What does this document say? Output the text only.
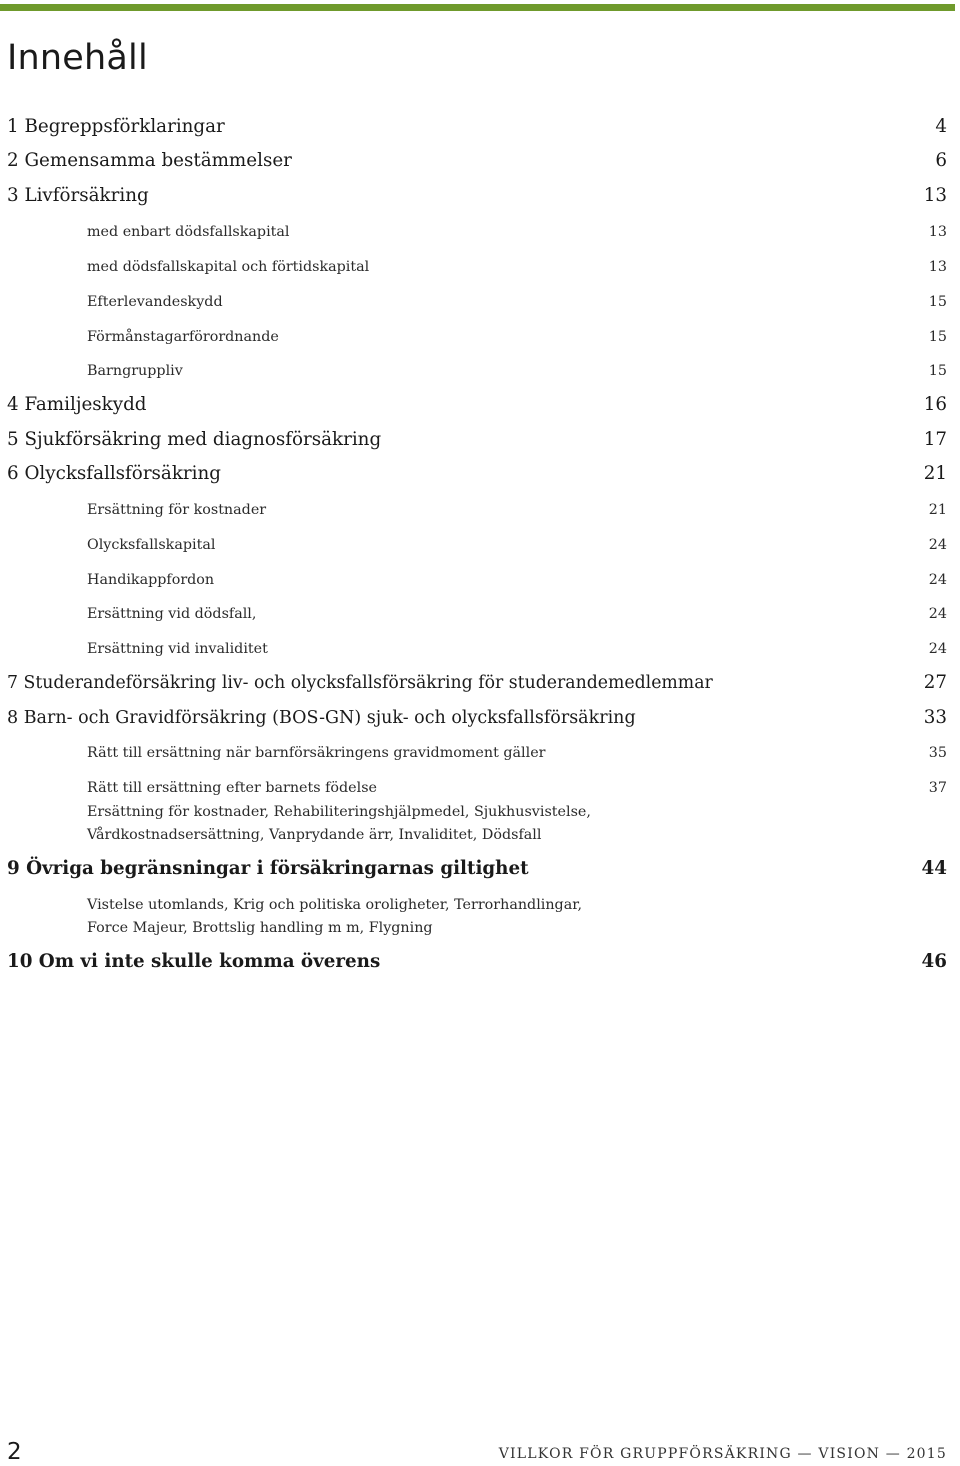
Innehåll
1 Begreppsförklaringar	4
2 Gemensamma bestämmelser	6
3 Livförsäkring	13
med enbart dödsfallskapital	13
med dödsfallskapital och förtidskapital	13
Efterlevandeskydd	15
Förmånstagarförordnande	15
Barngruppliv	15
4 Familjeskydd	16
5 Sjukförsäkring med diagnosförsäkring	17
6 Olycksfallsförsäkring	21
Ersättning för kostnader	21
Olycksfallskapital	24
Handikappfordon	24
Ersättning vid dödsfall,	24
Ersättning vid invaliditet	24
7 Studerandeförsäkring liv- och olycksfallsförsäkring för studerandemedlemmar	27
8 Barn- och Gravidförsäkring (BOS-GN) sjuk- och olycksfallsförsäkring	33
Rätt till ersättning när barnförsäkringens gravidmoment gäller	35
Rätt till ersättning efter barnets födelse	37
Ersättning för kostnader, Rehabiliteringshjälpmedel, Sjukhusvistelse,
Vårdkostnadsersättning, Vanprydande ärr, Invaliditet, Dödsfall
9 Övriga begränsningar i försäkringarnas giltighet	44
Vistelse utomlands, Krig och politiska oroligheter, Terrorhandlingar,
Force Majeur, Brottslig handling m m, Flygning
10 Om vi inte skulle komma överens	46
2	VILLKOR FÖR GRUPPFÖRSÄKRING — VISION — 2015
